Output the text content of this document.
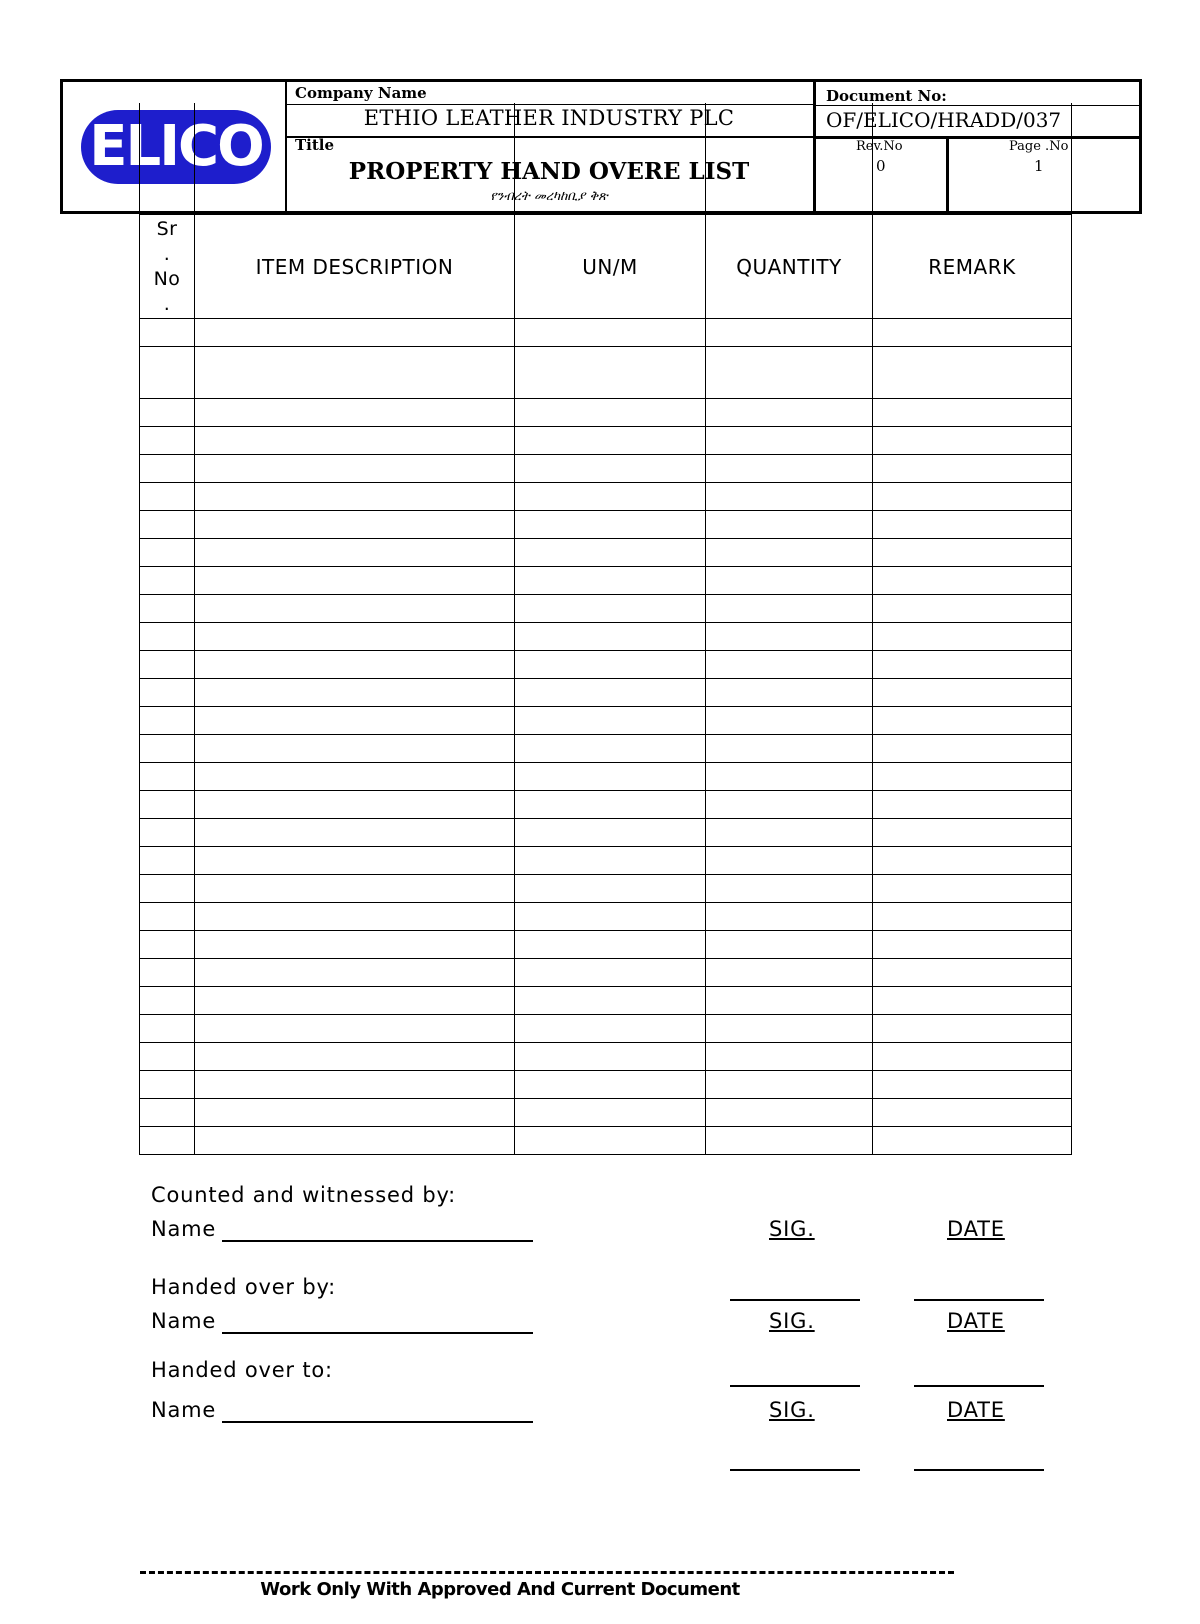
ELICO
Company Name
ETHIO LEATHER INDUSTRY PLC
Title
PROPERTY HAND OVERE LIST
የንብረት መረካከቢያ ቅጽ
Document No:
OF/ELICO/HRADD/037
Rev.No
0
Page .No
1
Sr
.
No
.	ITEM DESCRIPTION	UN/M	QUANTITY	REMARK

Counted and witnessed by:
Name	SIG.	DATE
Handed over by:
Name	SIG.	DATE
Handed over to:
Name	SIG.	DATE
Work Only With Approved And Current Document
